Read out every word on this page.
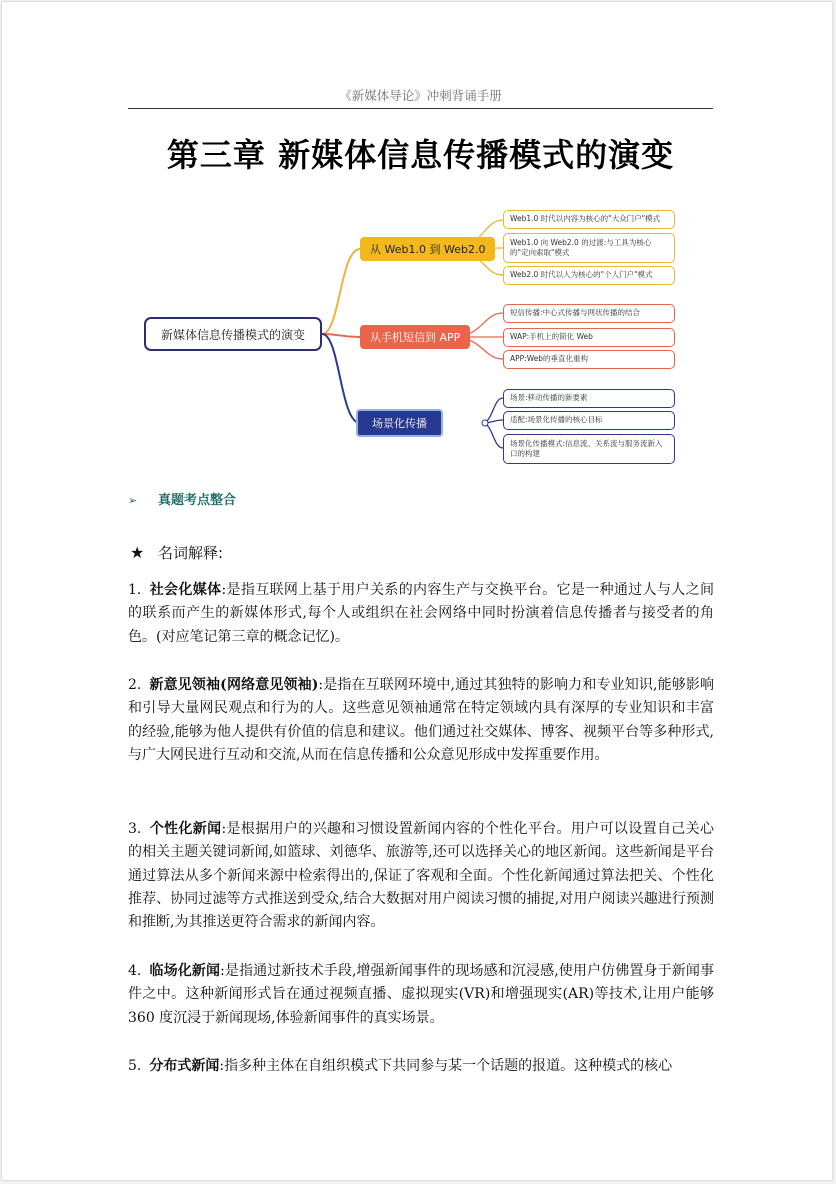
《新媒体导论》冲刺背诵手册
第三章 新媒体信息传播模式的演变
新媒体信息传播模式的演变
从 Web1.0 到 Web2.0
从手机短信到 APP
场景化传播
Web1.0 时代以内容为核心的"大众门户"模式
Web1.0 向 Web2.0 的过渡:与工具为核心的"定向索取"模式
Web2.0 时代以人为核心的"个人门户"模式
短信传播:中心式传播与网状传播的结合
WAP:手机上的简化 Web
APP:Web的垂直化重构
场景:移动传播的新要素
适配:场景化传播的核心目标
场景化传播模式:信息流、关系流与服务流新入口的构建
➢ 真题考点整合
★ 名词解释:
1. 社会化媒体:是指互联网上基于用户关系的内容生产与交换平台。它是一种通过人与人之间的联系而产生的新媒体形式,每个人或组织在社会网络中同时扮演着信息传播者与接受者的角色。(对应笔记第三章的概念记忆)。
2. 新意见领袖(网络意见领袖):是指在互联网环境中,通过其独特的影响力和专业知识,能够影响和引导大量网民观点和行为的人。这些意见领袖通常在特定领域内具有深厚的专业知识和丰富的经验,能够为他人提供有价值的信息和建议。他们通过社交媒体、博客、视频平台等多种形式,与广大网民进行互动和交流,从而在信息传播和公众意见形成中发挥重要作用。
3. 个性化新闻:是根据用户的兴趣和习惯设置新闻内容的个性化平台。用户可以设置自己关心的相关主题关键词新闻,如篮球、刘德华、旅游等,还可以选择关心的地区新闻。这些新闻是平台通过算法从多个新闻来源中检索得出的,保证了客观和全面。个性化新闻通过算法把关、个性化推荐、协同过滤等方式推送到受众,结合大数据对用户阅读习惯的捕捉,对用户阅读兴趣进行预测和推断,为其推送更符合需求的新闻内容。
4. 临场化新闻:是指通过新技术手段,增强新闻事件的现场感和沉浸感,使用户仿佛置身于新闻事件之中。这种新闻形式旨在通过视频直播、虚拟现实(VR)和增强现实(AR)等技术,让用户能够 360 度沉浸于新闻现场,体验新闻事件的真实场景。
5. 分布式新闻:指多种主体在自组织模式下共同参与某一个话题的报道。这种模式的核心
